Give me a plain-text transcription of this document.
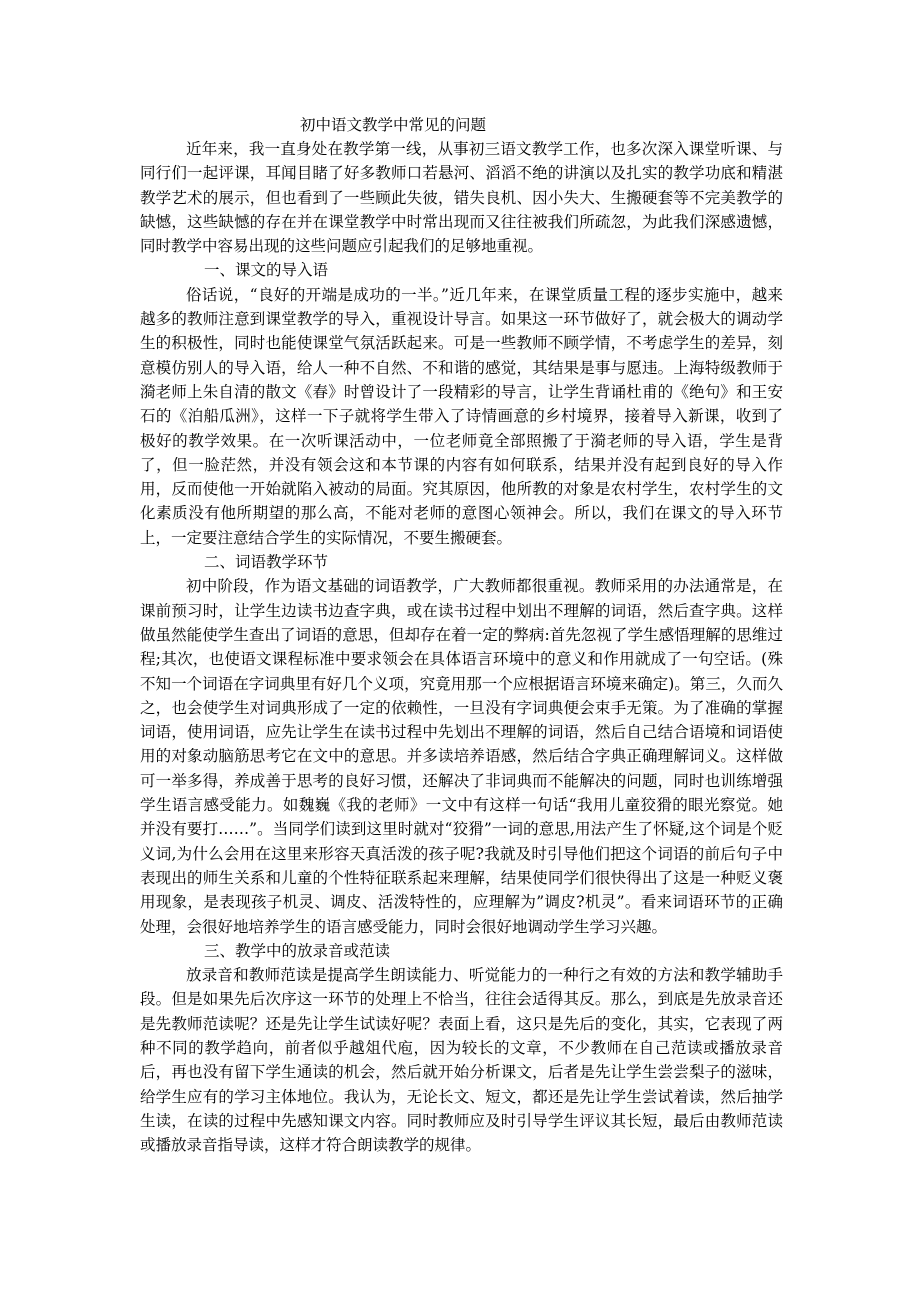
初中语文教学中常见的问题

近年来，我一直身处在教学第一线，从事初三语文教学工作，也多次深入课堂听课、与同行们一起评课，耳闻目睹了好多教师口若悬河、滔滔不绝的讲演以及扎实的教学功底和精湛教学艺术的展示，但也看到了一些顾此失彼，错失良机、因小失大、生搬硬套等不完美教学的缺憾，这些缺憾的存在并在课堂教学中时常出现而又往往被我们所疏忽，为此我们深感遗憾，同时教学中容易出现的这些问题应引起我们的足够地重视。

一、课文的导入语

俗话说，“良好的开端是成功的一半。”近几年来，在课堂质量工程的逐步实施中，越来越多的教师注意到课堂教学的导入，重视设计导言。如果这一环节做好了，就会极大的调动学生的积极性，同时也能使课堂气氛活跃起来。可是一些教师不顾学情，不考虑学生的差异，刻意模仿别人的导入语，给人一种不自然、不和谐的感觉，其结果是事与愿违。上海特级教师于漪老师上朱自清的散文《春》时曾设计了一段精彩的导言，让学生背诵杜甫的《绝句》和王安石的《泊船瓜洲》，这样一下子就将学生带入了诗情画意的乡村境界，接着导入新课，收到了极好的教学效果。在一次听课活动中，一位老师竟全部照搬了于漪老师的导入语，学生是背了，但一脸茫然，并没有领会这和本节课的内容有如何联系，结果并没有起到良好的导入作用，反而使他一开始就陷入被动的局面。究其原因，他所教的对象是农村学生，农村学生的文化素质没有他所期望的那么高，不能对老师的意图心领神会。所以，我们在课文的导入环节上，一定要注意结合学生的实际情况，不要生搬硬套。

二、词语教学环节

初中阶段，作为语文基础的词语教学，广大教师都很重视。教师采用的办法通常是，在课前预习时，让学生边读书边查字典，或在读书过程中划出不理解的词语，然后查字典。这样做虽然能使学生查出了词语的意思，但却存在着一定的弊病:首先忽视了学生感悟理解的思维过程;其次，也使语文课程标准中要求领会在具体语言环境中的意义和作用就成了一句空话。(殊不知一个词语在字词典里有好几个义项，究竟用那一个应根据语言环境来确定)。第三，久而久之，也会使学生对词典形成了一定的依赖性，一旦没有字词典便会束手无策。为了准确的掌握词语，使用词语，应先让学生在读书过程中先划出不理解的词语，然后自己结合语境和词语使用的对象动脑筋思考它在文中的意思。并多读培养语感，然后结合字典正确理解词义。这样做可一举多得，养成善于思考的良好习惯，还解决了非词典而不能解决的问题，同时也训练增强学生语言感受能力。如魏巍《我的老师》一文中有这样一句话“我用儿童狡猾的眼光察觉。她并没有要打……”。当同学们读到这里时就对“狡猾”一词的意思,用法产生了怀疑,这个词是个贬义词,为什么会用在这里来形容天真活泼的孩子呢?我就及时引导他们把这个词语的前后句子中表现出的师生关系和儿童的个性特征联系起来理解，结果使同学们很快得出了这是一种贬义褒用现象，是表现孩子机灵、调皮、活泼特性的，应理解为”调皮?机灵”。看来词语环节的正确处理，会很好地培养学生的语言感受能力，同时会很好地调动学生学习兴趣。

三、教学中的放录音或范读

放录音和教师范读是提高学生朗读能力、听觉能力的一种行之有效的方法和教学辅助手段。但是如果先后次序这一环节的处理上不恰当，往往会适得其反。那么，到底是先放录音还是先教师范读呢？还是先让学生试读好呢？表面上看，这只是先后的变化，其实，它表现了两种不同的教学趋向，前者似乎越俎代庖，因为较长的文章，不少教师在自己范读或播放录音后，再也没有留下学生通读的机会，然后就开始分析课文，后者是先让学生尝尝梨子的滋味，给学生应有的学习主体地位。我认为，无论长文、短文，都还是先让学生尝试着读，然后抽学生读，在读的过程中先感知课文内容。同时教师应及时引导学生评议其长短，最后由教师范读或播放录音指导读，这样才符合朗读教学的规律。
